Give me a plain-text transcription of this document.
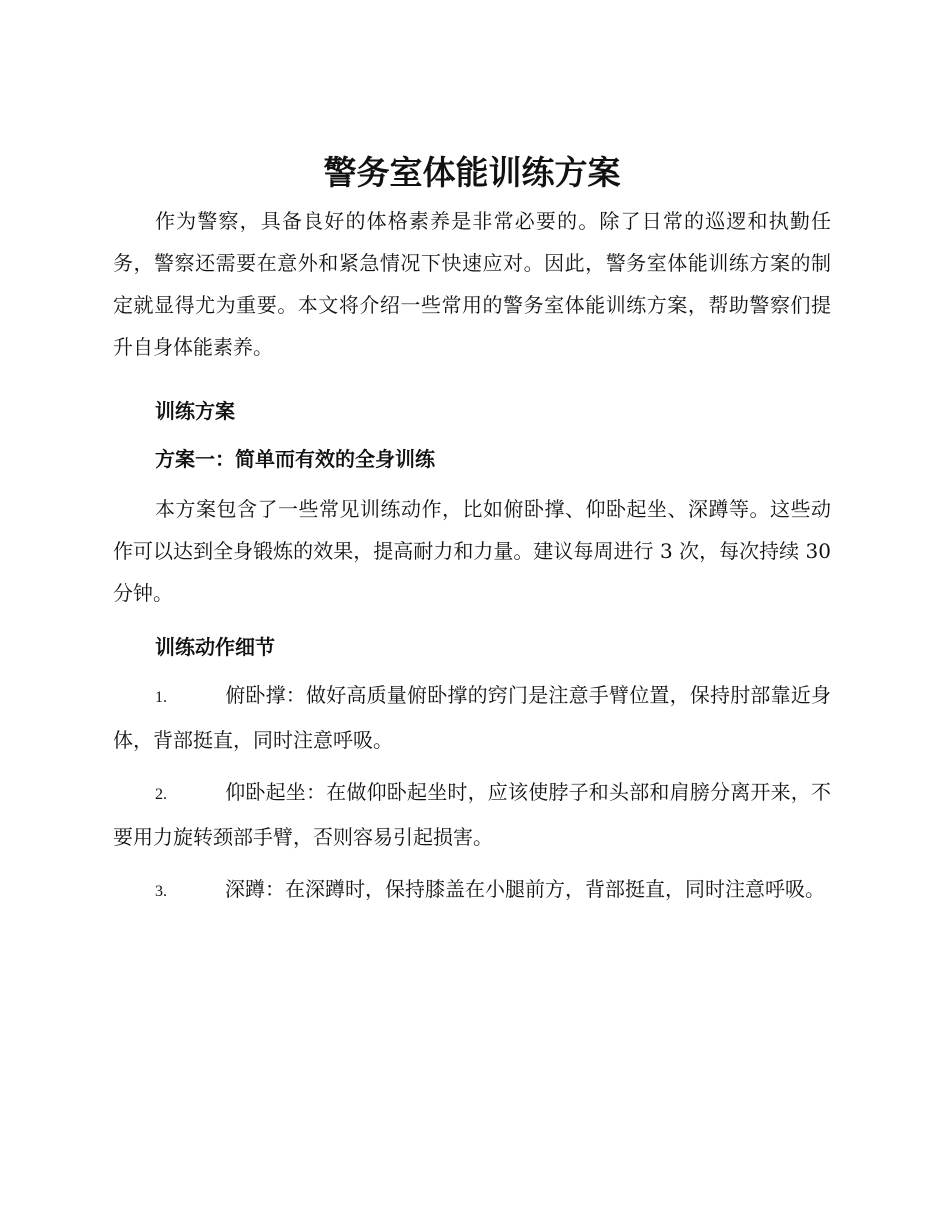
警务室体能训练方案

作为警察，具备良好的体格素养是非常必要的。除了日常的巡逻和执勤任务，警察还需要在意外和紧急情况下快速应对。因此，警务室体能训练方案的制定就显得尤为重要。本文将介绍一些常用的警务室体能训练方案，帮助警察们提升自身体能素养。

训练方案
方案一：简单而有效的全身训练

本方案包含了一些常见训练动作，比如俯卧撑、仰卧起坐、深蹲等。这些动作可以达到全身锻炼的效果，提高耐力和力量。建议每周进行 3 次，每次持续 30 分钟。

训练动作细节

1.	俯卧撑：做好高质量俯卧撑的窍门是注意手臂位置，保持肘部靠近身体，背部挺直，同时注意呼吸。

2.	仰卧起坐：在做仰卧起坐时，应该使脖子和头部和肩膀分离开来，不要用力旋转颈部手臂，否则容易引起损害。

3.	深蹲：在深蹲时，保持膝盖在小腿前方，背部挺直，同时注意呼吸。
